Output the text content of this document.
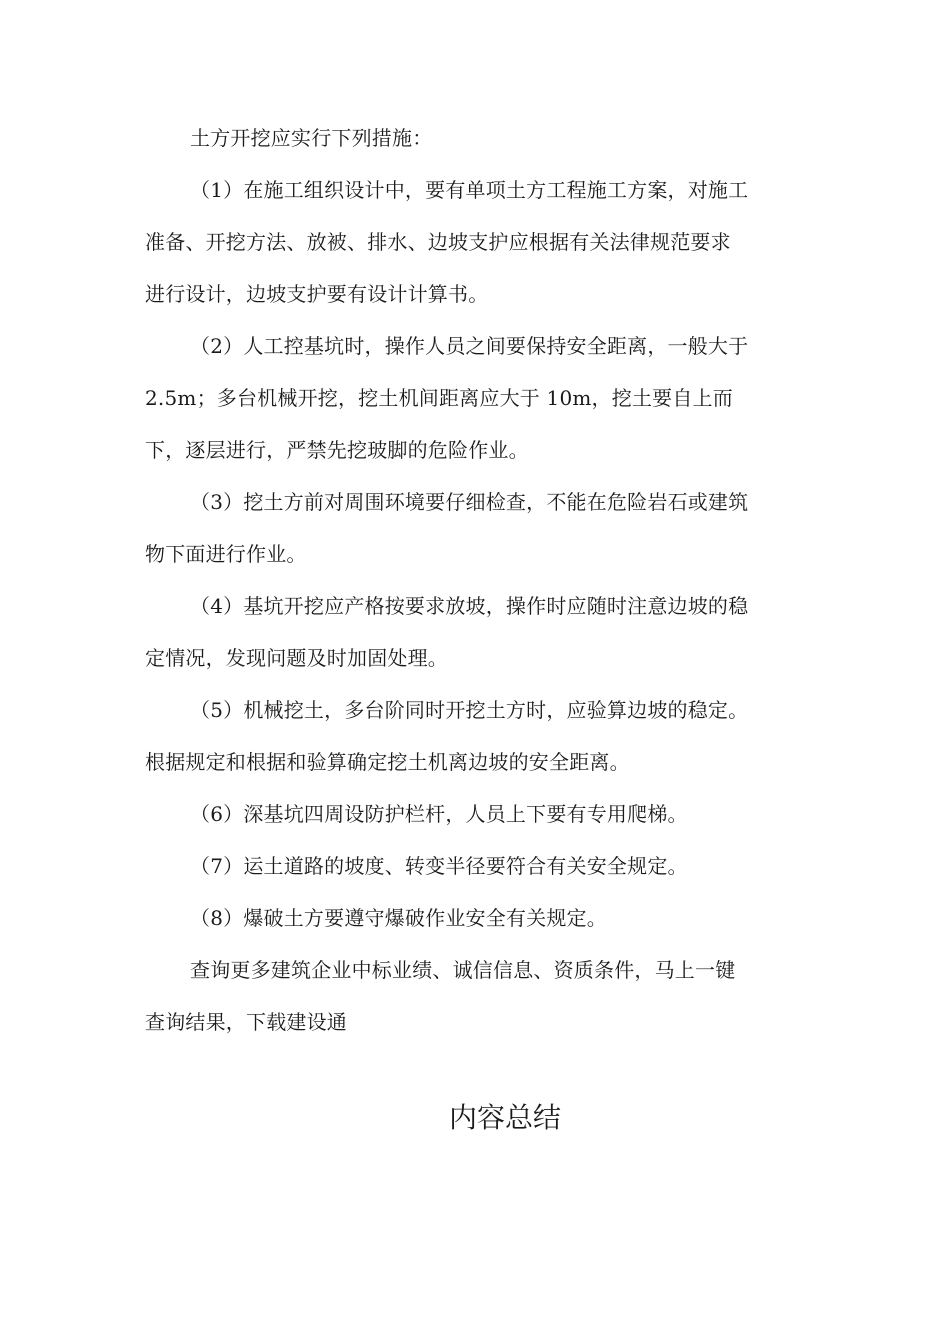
土方开挖应实行下列措施：
（1）在施工组织设计中，要有单项土方工程施工方案，对施工
准备、开挖方法、放被、排水、边坡支护应根据有关法律规范要求
进行设计，边坡支护要有设计计算书。
（2）人工控基坑时，操作人员之间要保持安全距离，一般大于
2.5m；多台机械开挖，挖土机间距离应大于 10m，挖土要自上而
下，逐层进行，严禁先挖玻脚的危险作业。
（3）挖土方前对周围环境要仔细检查，不能在危险岩石或建筑
物下面进行作业。
（4）基坑开挖应产格按要求放坡，操作时应随时注意边坡的稳
定情况，发现问题及时加固处理。
（5）机械挖土，多台阶同时开挖土方时，应验算边坡的稳定。
根据规定和根据和验算确定挖土机离边坡的安全距离。
（6）深基坑四周设防护栏杆，人员上下要有专用爬梯。
（7）运土道路的坡度、转变半径要符合有关安全规定。
（8）爆破土方要遵守爆破作业安全有关规定。
查询更多建筑企业中标业绩、诚信信息、资质条件，马上一键
查询结果，下载建设通
内容总结
